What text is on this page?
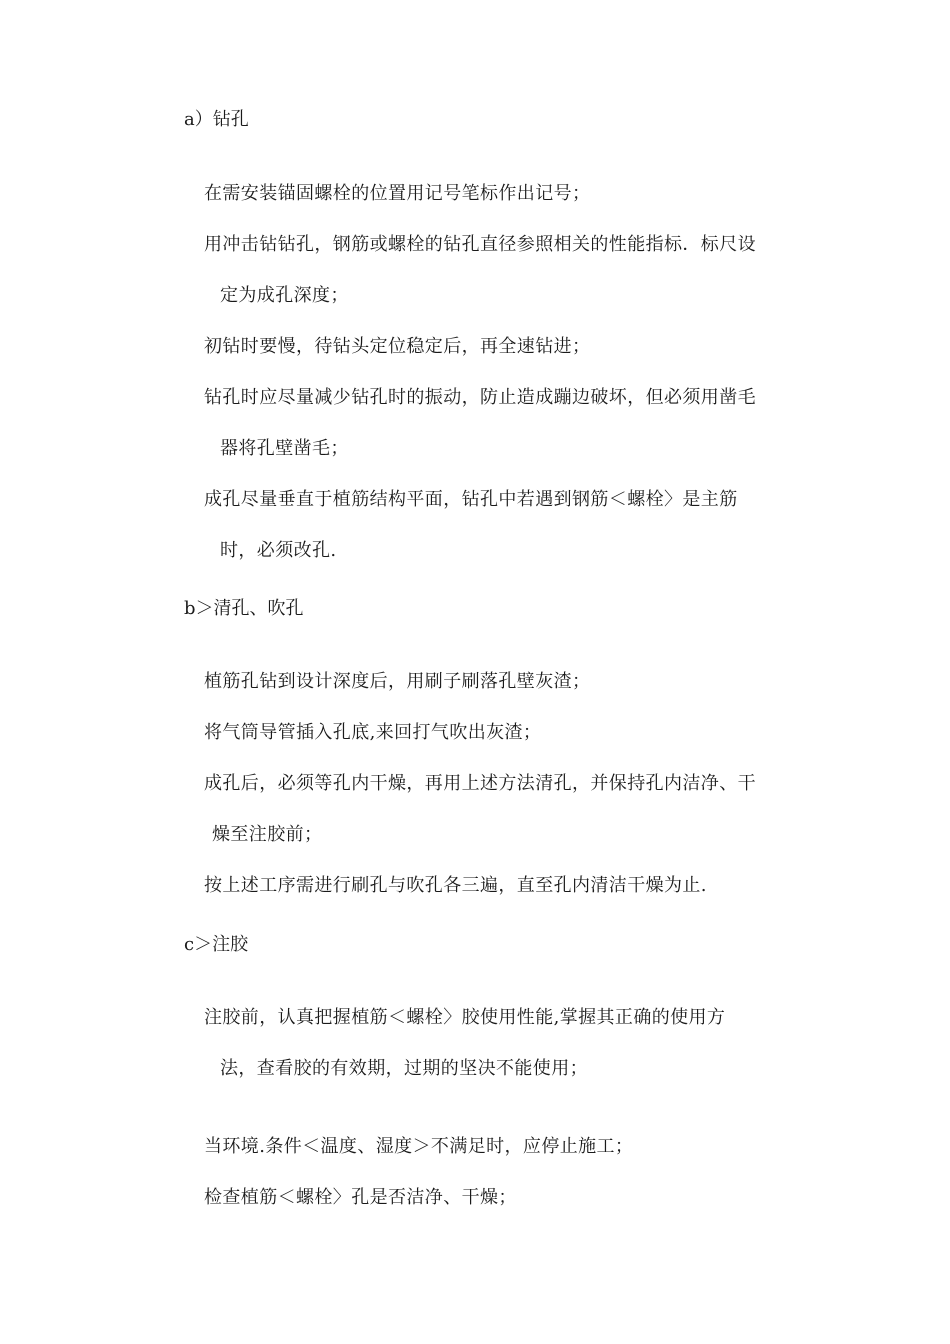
a）钻孔
在需安装锚固螺栓的位置用记号笔标作出记号；
用冲击钻钻孔，钢筋或螺栓的钻孔直径参照相关的性能指标．标尺设
定为成孔深度；
初钻时要慢，待钻头定位稳定后，再全速钻进；
钻孔时应尽量减少钻孔时的振动，防止造成蹦边破坏，但必须用凿毛
器将孔壁凿毛；
成孔尽量垂直于植筋结构平面，钻孔中若遇到钢筋＜螺栓〉是主筋
时，必须改孔.
b＞清孔、吹孔
植筋孔钻到设计深度后，用刷子刷落孔壁灰渣；
将气筒导管插入孔底,来回打气吹出灰渣；
成孔后，必须等孔内干燥，再用上述方法清孔，并保持孔内洁净、干
燥至注胶前；
按上述工序需进行刷孔与吹孔各三遍，直至孔内清洁干燥为止.
c＞注胶
注胶前，认真把握植筋＜螺栓〉胶使用性能,掌握其正确的使用方
法，查看胶的有效期，过期的坚决不能使用；
当环境.条件＜温度、湿度＞不满足时，应停止施工；
检查植筋＜螺栓〉孔是否洁净、干燥；
